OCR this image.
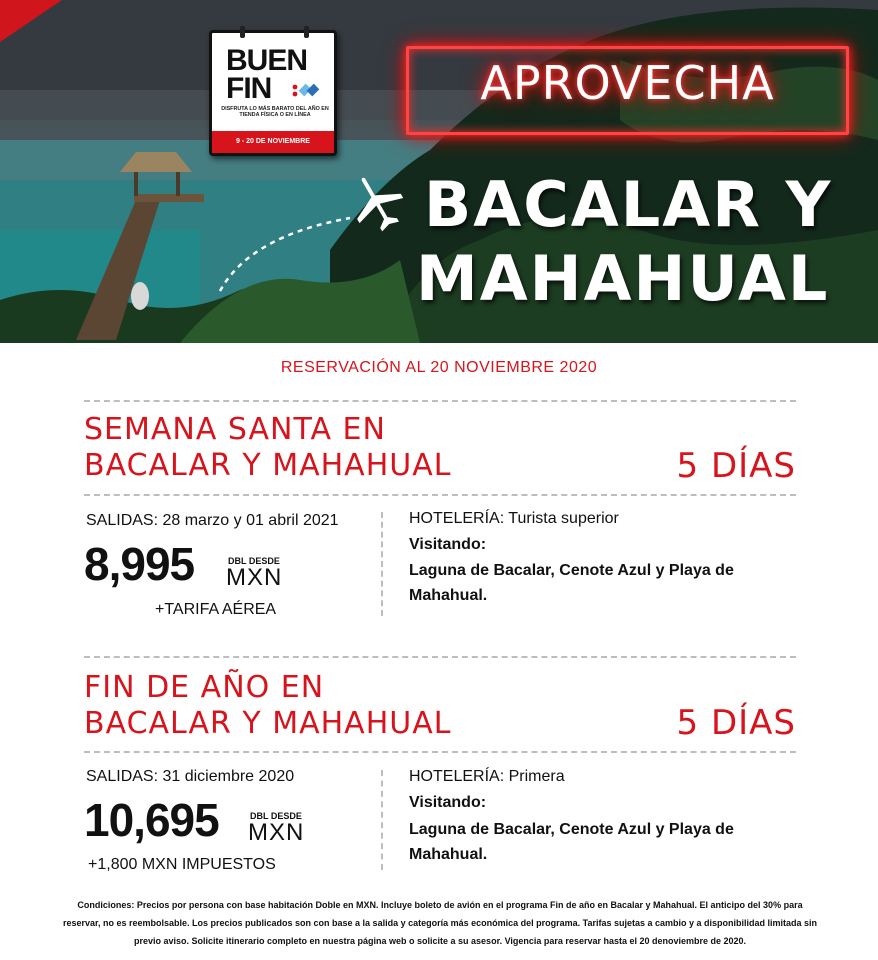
BUEN
FIN
DISFRUTA LO MÁS BARATO DEL AÑO EN TIENDA FÍSICA O EN LÍNEA
9 - 20 DE NOVIEMBRE
APROVECHA
BACALAR Y
MAHAHUAL
RESERVACIÓN AL 20 NOVIEMBRE 2020
SEMANA SANTA EN
BACALAR Y MAHAHUAL	5 DÍAS
SALIDAS: 28 marzo y 01 abril 2021
8,995	DBL DESDE
MXN
+TARIFA AÉREA
HOTELERÍA: Turista superior
Visitando:
Laguna de Bacalar, Cenote Azul y Playa de Mahahual.
FIN DE AÑO EN
BACALAR Y MAHAHUAL	5 DÍAS
SALIDAS: 31 diciembre 2020
10,695	DBL DESDE
MXN
+1,800 MXN IMPUESTOS
HOTELERÍA: Primera
Visitando:
Laguna de Bacalar, Cenote Azul y Playa de Mahahual.
Condiciones: Precios por persona con base habitación Doble en MXN. Incluye boleto de avión en el programa Fin de año en Bacalar y Mahahual. El anticipo del 30% para reservar, no es reembolsable. Los precios publicados son con base a la salida y categoría más económica del programa. Tarifas sujetas a cambio y a disponibilidad limitada sin previo aviso. Solicite itinerario completo en nuestra página web o solicite a su asesor. Vigencia para reservar hasta el 20 denoviembre de 2020.
